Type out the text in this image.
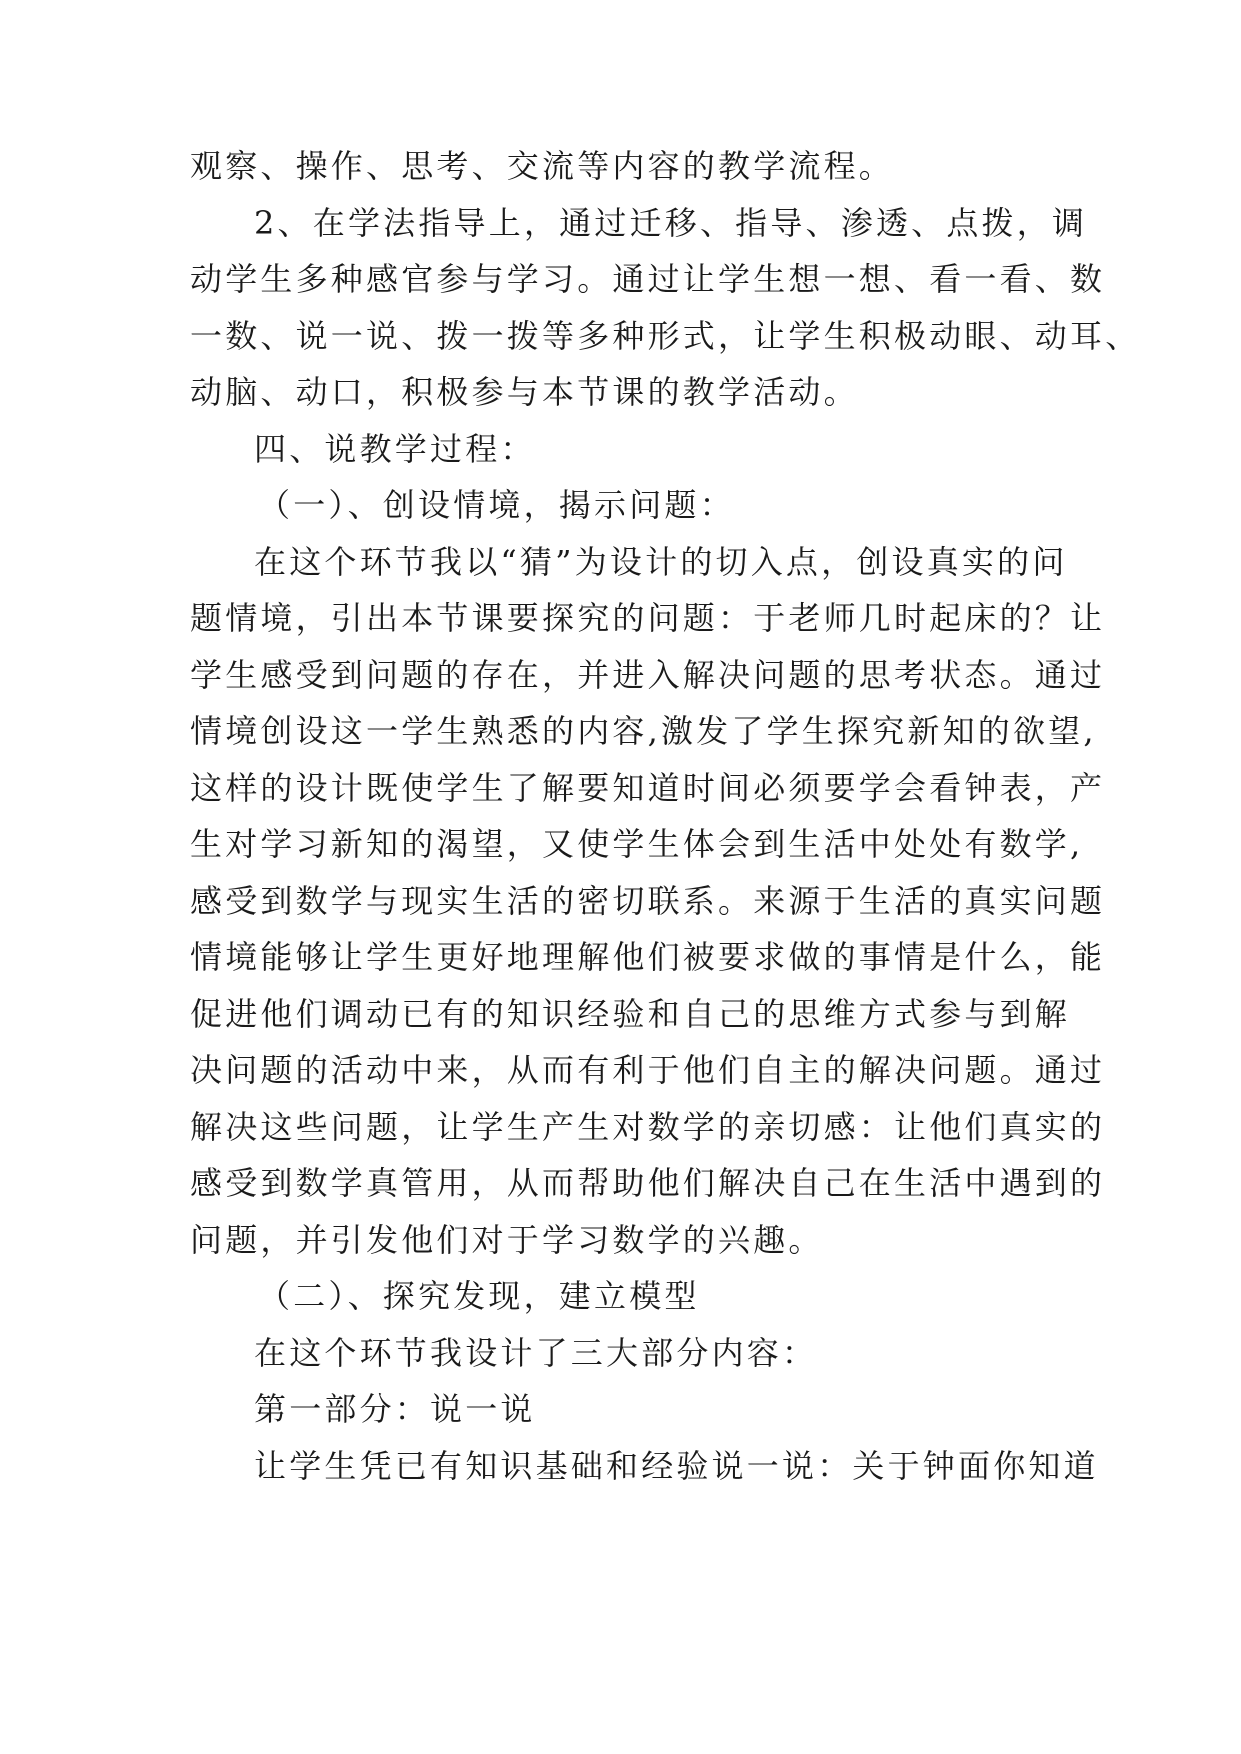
观察、操作、思考、交流等内容的教学流程。
2、在学法指导上，通过迁移、指导、渗透、点拨，调
动学生多种感官参与学习。通过让学生想一想、看一看、数
一数、说一说、拨一拨等多种形式，让学生积极动眼、动耳、
动脑、动口，积极参与本节课的教学活动。
四、说教学过程：
（一）、创设情境，揭示问题：
在这个环节我以“猜”为设计的切入点，创设真实的问
题情境，引出本节课要探究的问题：于老师几时起床的？让
学生感受到问题的存在，并进入解决问题的思考状态。通过
情境创设这一学生熟悉的内容,激发了学生探究新知的欲望,
这样的设计既使学生了解要知道时间必须要学会看钟表，产
生对学习新知的渴望，又使学生体会到生活中处处有数学,
感受到数学与现实生活的密切联系。来源于生活的真实问题
情境能够让学生更好地理解他们被要求做的事情是什么，能
促进他们调动已有的知识经验和自己的思维方式参与到解
决问题的活动中来，从而有利于他们自主的解决问题。通过
解决这些问题，让学生产生对数学的亲切感：让他们真实的
感受到数学真管用，从而帮助他们解决自己在生活中遇到的
问题，并引发他们对于学习数学的兴趣。
（二）、探究发现，建立模型
在这个环节我设计了三大部分内容：
第一部分：说一说
让学生凭已有知识基础和经验说一说：关于钟面你知道
